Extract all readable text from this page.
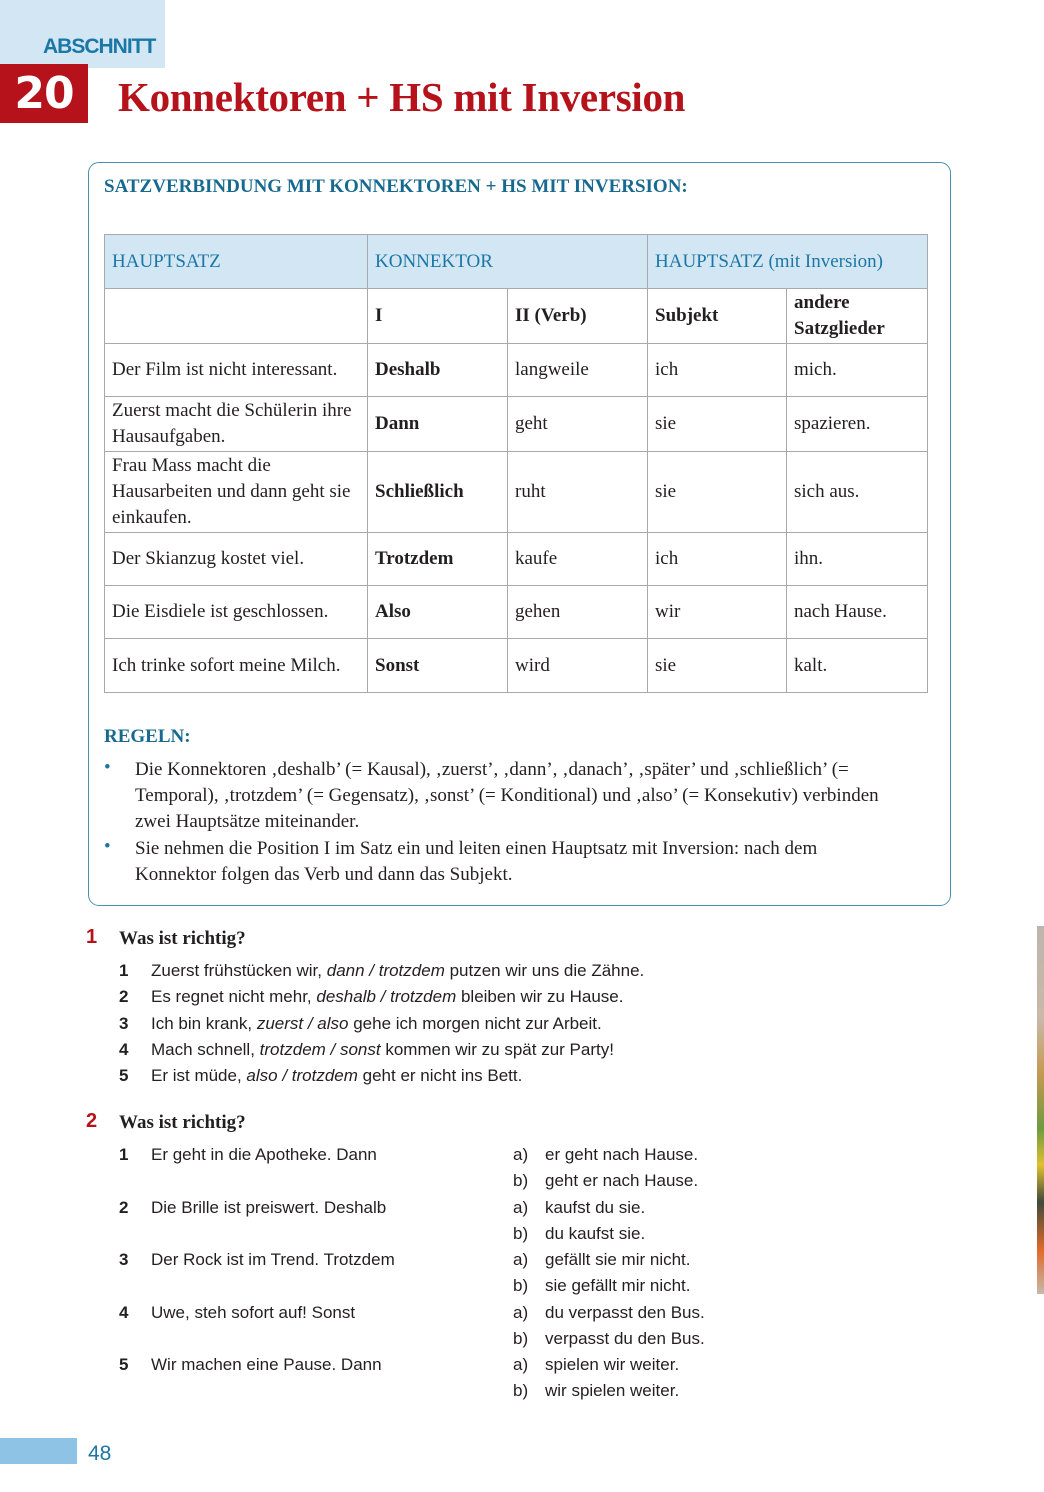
ABSCHNITT
20	Konnektoren + HS mit Inversion
SATZVERBINDUNG MIT KONNEKTOREN + HS MIT INVERSION:
HAUPTSATZ	KONNEKTOR		HAUPTSATZ (mit Inversion)	
	I	II (Verb)	Subjekt	andere Satzglieder
Der Film ist nicht interessant.	Deshalb	langweile	ich	mich.
Zuerst macht die Schülerin ihre Hausaufgaben.	Dann	geht	sie	spazieren.
Frau Mass macht die Hausarbeiten und dann geht sie einkaufen.	Schließlich	ruht	sie	sich aus.
Der Skianzug kostet viel.	Trotzdem	kaufe	ich	ihn.
Die Eisdiele ist geschlossen.	Also	gehen	wir	nach Hause.
Ich trinke sofort meine Milch.	Sonst	wird	sie	kalt.
REGELN:
• Die Konnektoren ‚deshalb’ (= Kausal), ‚zuerst’, ‚dann’, ‚danach’, ‚später’ und ‚schließlich’ (= Temporal), ‚trotzdem’ (= Gegensatz), ‚sonst’ (= Konditional) und ‚also’ (= Konsekutiv) verbinden zwei Hauptsätze miteinander.
• Sie nehmen die Position I im Satz ein und leiten einen Hauptsatz mit Inversion: nach dem Konnektor folgen das Verb und dann das Subjekt.
1 Was ist richtig?
2 Was ist richtig?
48
1 Zuerst frühstücken wir, dann / trotzdem putzen wir uns die Zähne.
2 Es regnet nicht mehr, deshalb / trotzdem bleiben wir zu Hause.
3 Ich bin krank, zuerst / also gehe ich morgen nicht zur Arbeit.
4 Mach schnell, trotzdem / sonst kommen wir zu spät zur Party!
5 Er ist müde, also / trotzdem geht er nicht ins Bett.
1 Er geht in die Apotheke. Dann	a) er geht nach Hause.
b) geht er nach Hause.
2 Die Brille ist preiswert. Deshalb	a) kaufst du sie.
b) du kaufst sie.
3 Der Rock ist im Trend. Trotzdem	a) gefällt sie mir nicht.
b) sie gefällt mir nicht.
4 Uwe, steh sofort auf! Sonst	a) du verpasst den Bus.
b) verpasst du den Bus.
5 Wir machen eine Pause. Dann	a) spielen wir weiter.
b) wir spielen weiter.
